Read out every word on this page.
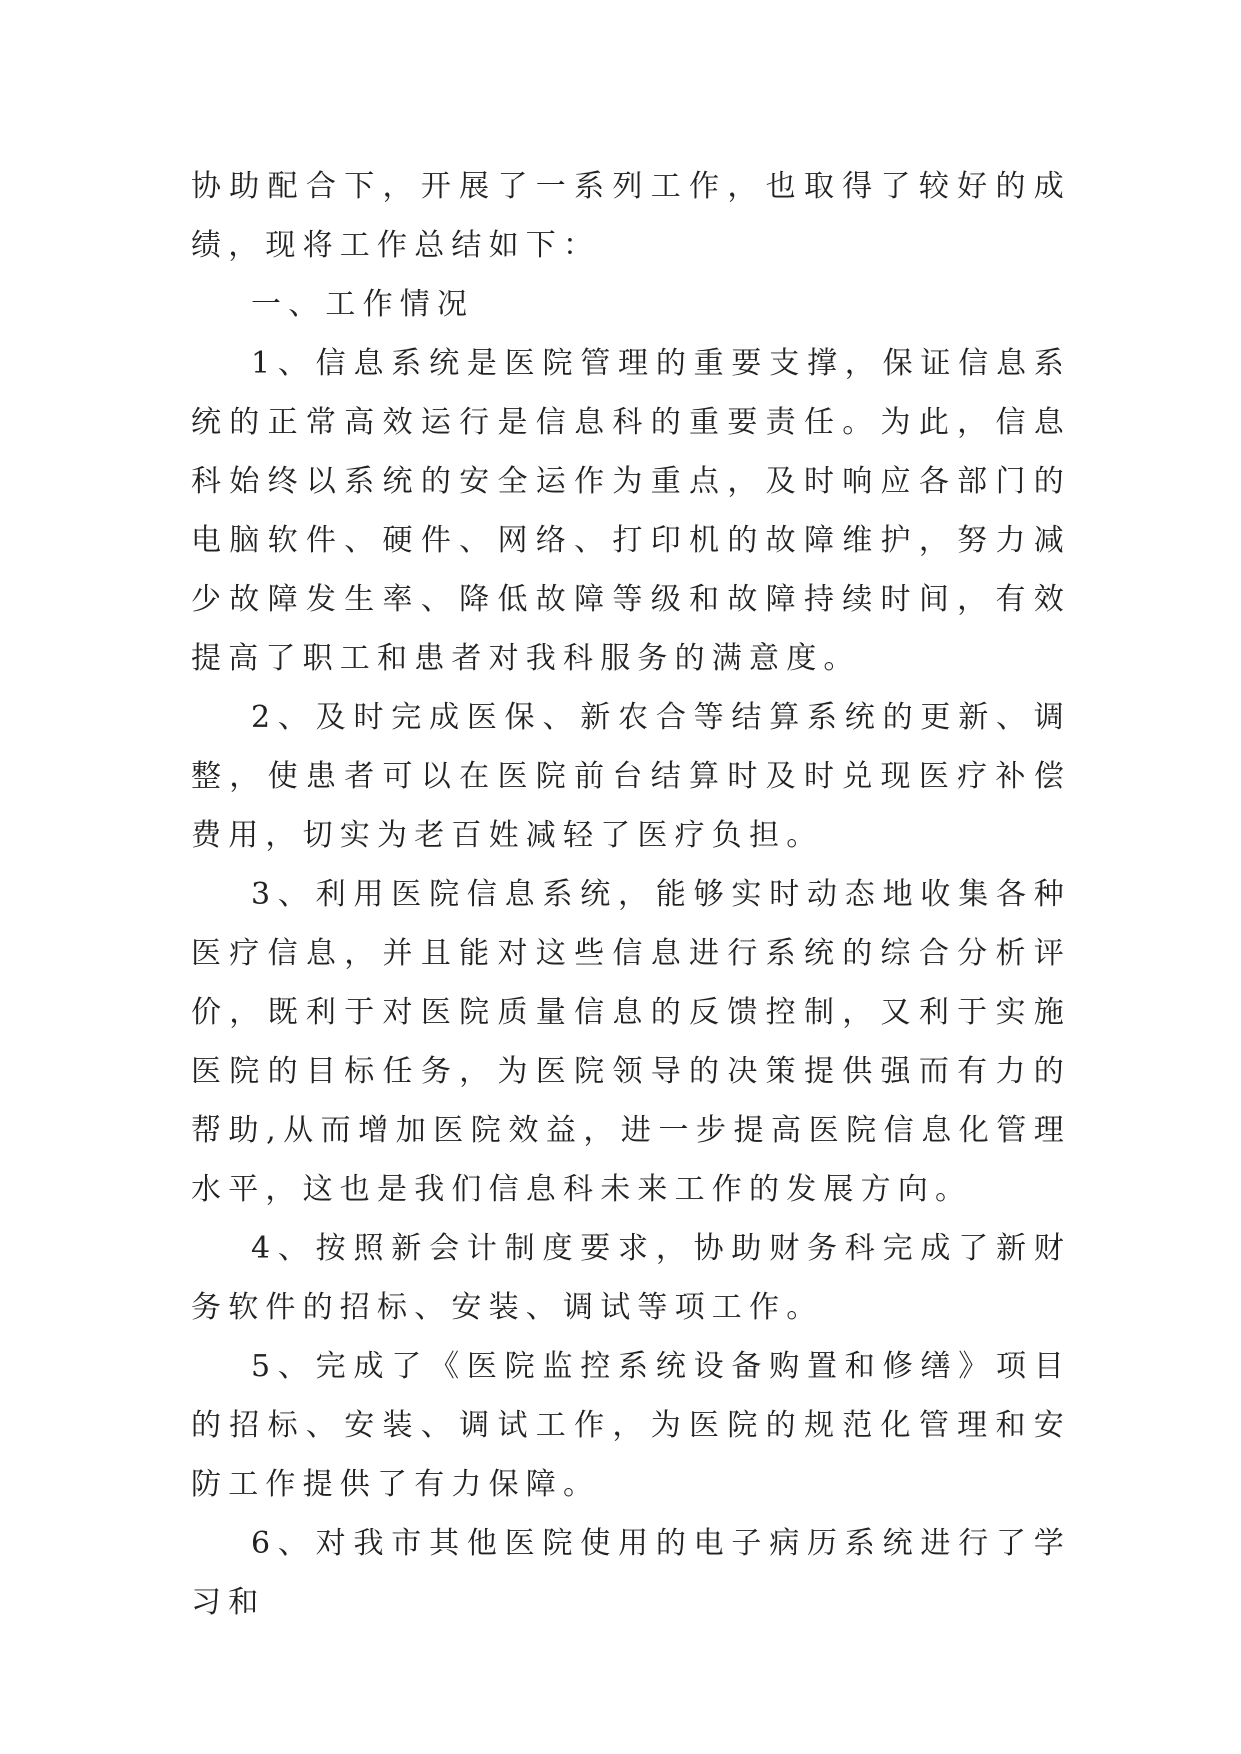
协助配合下，开展了一系列工作，也取得了较好的成绩，现将工作总结如下：

一、工作情况

1、信息系统是医院管理的重要支撑，保证信息系统的正常高效运行是信息科的重要责任。为此，信息科始终以系统的安全运作为重点，及时响应各部门的电脑软件、硬件、网络、打印机的故障维护，努力减少故障发生率、降低故障等级和故障持续时间，有效提高了职工和患者对我科服务的满意度。

2、及时完成医保、新农合等结算系统的更新、调整，使患者可以在医院前台结算时及时兑现医疗补偿费用，切实为老百姓减轻了医疗负担。

3、利用医院信息系统，能够实时动态地收集各种医疗信息，并且能对这些信息进行系统的综合分析评价，既利于对医院质量信息的反馈控制，又利于实施医院的目标任务，为医院领导的决策提供强而有力的帮助,从而增加医院效益，进一步提高医院信息化管理水平，这也是我们信息科未来工作的发展方向。

4、按照新会计制度要求，协助财务科完成了新财务软件的招标、安装、调试等项工作。

5、完成了《医院监控系统设备购置和修缮》项目的招标、安装、调试工作，为医院的规范化管理和安防工作提供了有力保障。

6、对我市其他医院使用的电子病历系统进行了学习和
